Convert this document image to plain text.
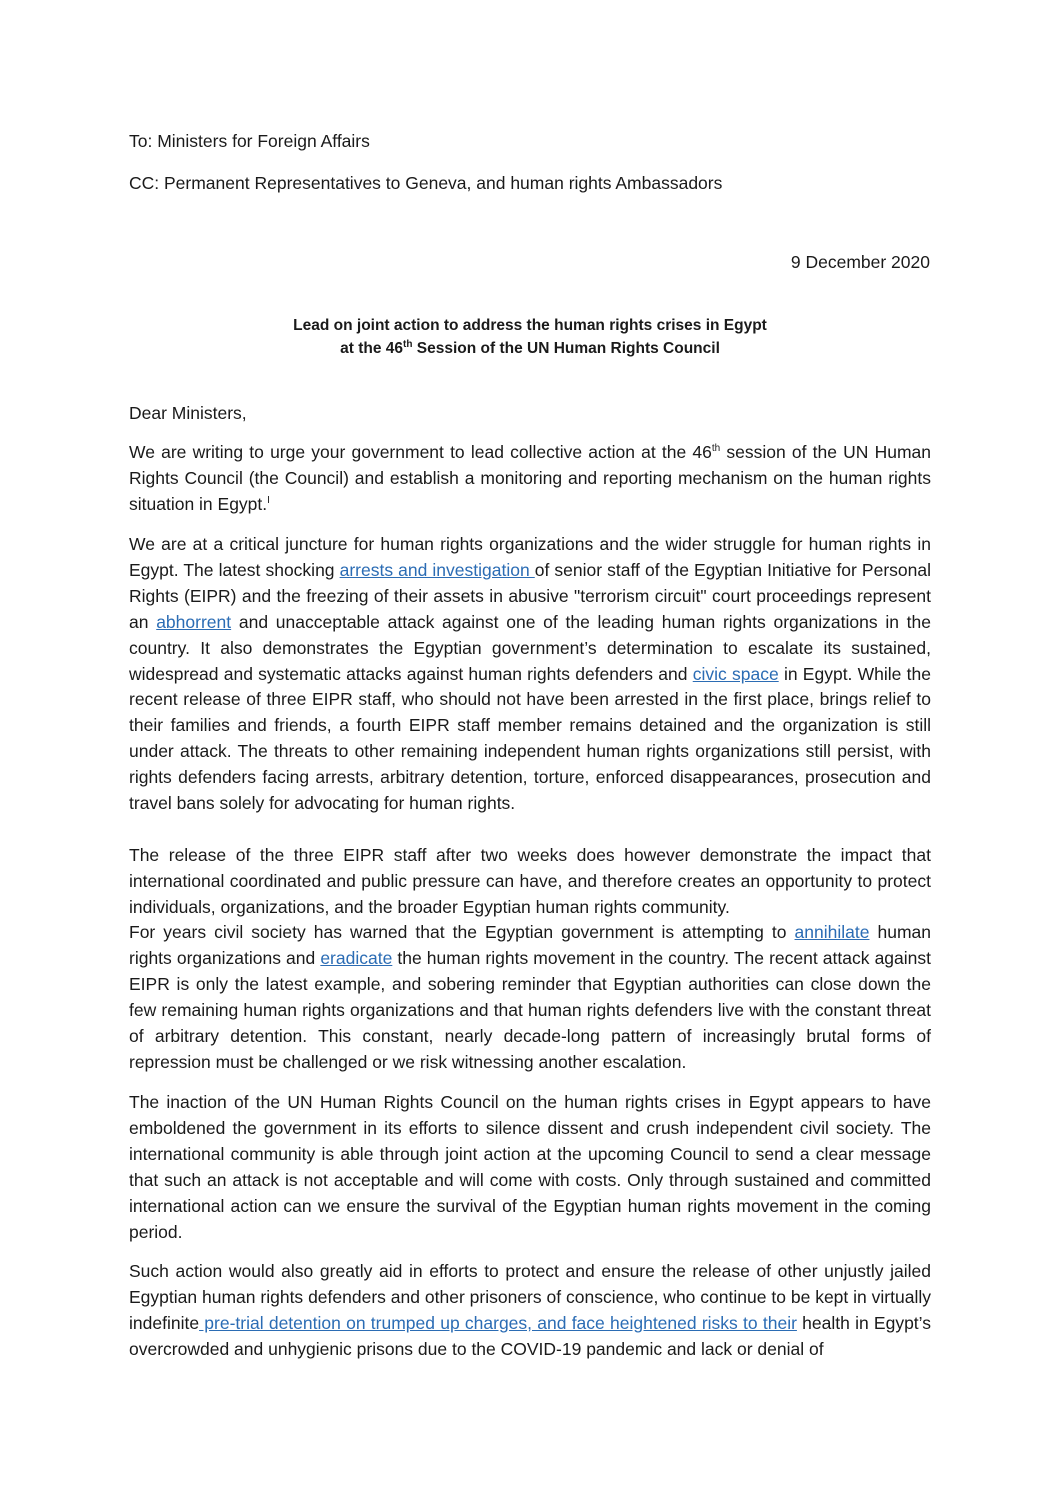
To: Ministers for Foreign Affairs
CC: Permanent Representatives to Geneva, and human rights Ambassadors
9 December 2020
Lead on joint action to address the human rights crises in Egypt
at the 46th Session of the UN Human Rights Council
Dear Ministers,

We are writing to urge your government to lead collective action at the 46th session of the UN Human Rights Council (the Council) and establish a monitoring and reporting mechanism on the human rights situation in Egypt.$^I$

We are at a critical juncture for human rights organizations and the wider struggle for human rights in Egypt. The latest shocking arrests and investigation of senior staff of the Egyptian Initiative for Personal Rights (EIPR) and the freezing of their assets in abusive "terrorism circuit" court proceedings represent an abhorrent and unacceptable attack against one of the leading human rights organizations in the country. It also demonstrates the Egyptian government’s determination to escalate its sustained, widespread and systematic attacks against human rights defenders and civic space in Egypt. While the recent release of three EIPR staff, who should not have been arrested in the first place, brings relief to their families and friends, a fourth EIPR staff member remains detained and the organization is still under attack. The threats to other remaining independent human rights organizations still persist, with rights defenders facing arrests, arbitrary detention, torture, enforced disappearances, prosecution and travel bans solely for advocating for human rights.

The release of the three EIPR staff after two weeks does however demonstrate the impact that international coordinated and public pressure can have, and therefore creates an opportunity to protect individuals, organizations, and the broader Egyptian human rights community.

For years civil society has warned that the Egyptian government is attempting to annihilate human rights organizations and eradicate the human rights movement in the country. The recent attack against EIPR is only the latest example, and sobering reminder that Egyptian authorities can close down the few remaining human rights organizations and that human rights defenders live with the constant threat of arbitrary detention. This constant, nearly decade-long pattern of increasingly brutal forms of repression must be challenged or we risk witnessing another escalation.

The inaction of the UN Human Rights Council on the human rights crises in Egypt appears to have emboldened the government in its efforts to silence dissent and crush independent civil society. The international community is able through joint action at the upcoming Council to send a clear message that such an attack is not acceptable and will come with costs. Only through sustained and committed international action can we ensure the survival of the Egyptian human rights movement in the coming period.

Such action would also greatly aid in efforts to protect and ensure the release of other unjustly jailed Egyptian human rights defenders and other prisoners of conscience, who continue to be kept in virtually indefinite pre-trial detention on trumped up charges, and face heightened risks to their health in Egypt’s overcrowded and unhygienic prisons due to the COVID-19 pandemic and lack or denial of
